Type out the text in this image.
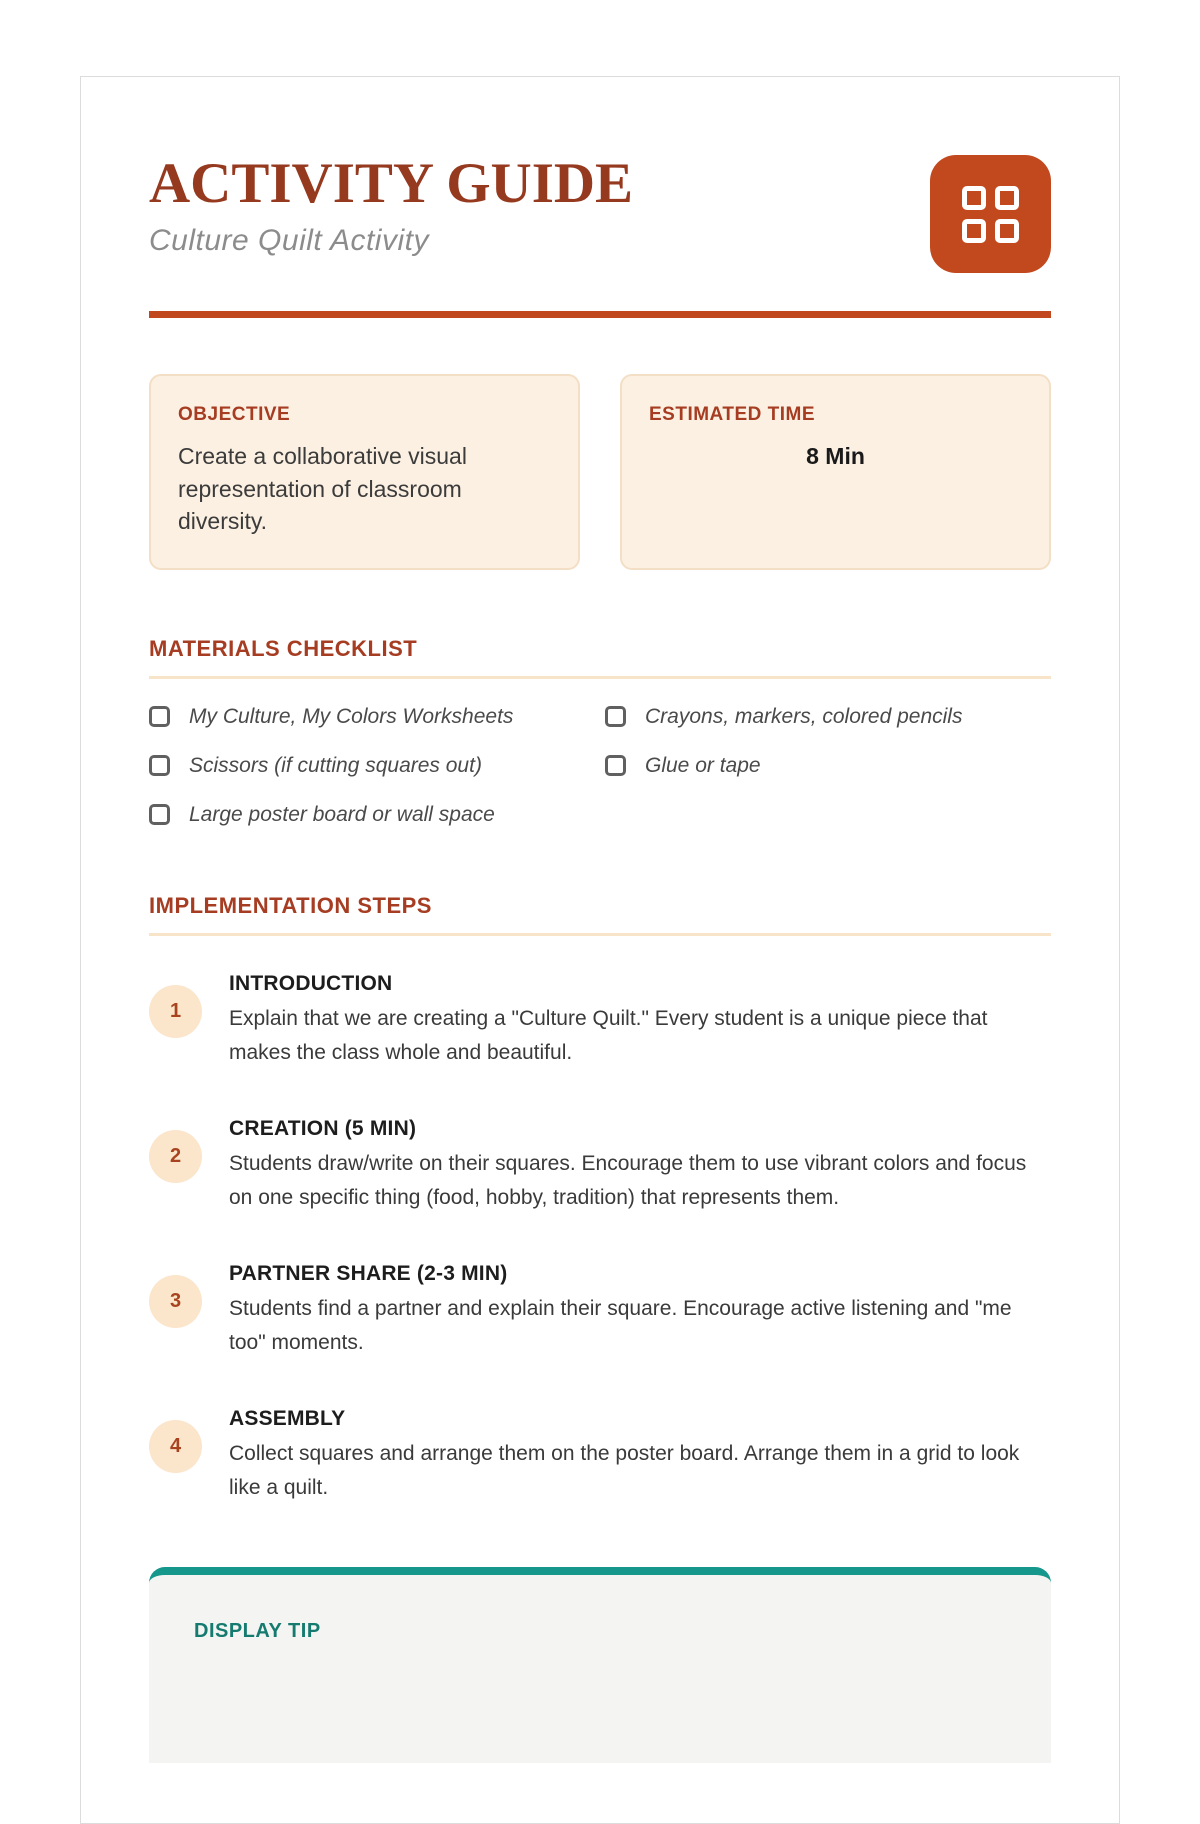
ACTIVITY GUIDE
Culture Quilt Activity
OBJECTIVE
Create a collaborative visual representation of classroom diversity.
ESTIMATED TIME
8 Min
MATERIALS CHECKLIST
My Culture, My Colors Worksheets	Crayons, markers, colored pencils
Scissors (if cutting squares out)	Glue or tape
Large poster board or wall space
IMPLEMENTATION STEPS
1
INTRODUCTION
Explain that we are creating a "Culture Quilt." Every student is a unique piece that makes the class whole and beautiful.
2
CREATION (5 MIN)
Students draw/write on their squares. Encourage them to use vibrant colors and focus on one specific thing (food, hobby, tradition) that represents them.
3
PARTNER SHARE (2-3 MIN)
Students find a partner and explain their square. Encourage active listening and "me too" moments.
4
ASSEMBLY
Collect squares and arrange them on the poster board. Arrange them in a grid to look like a quilt.
DISPLAY TIP
